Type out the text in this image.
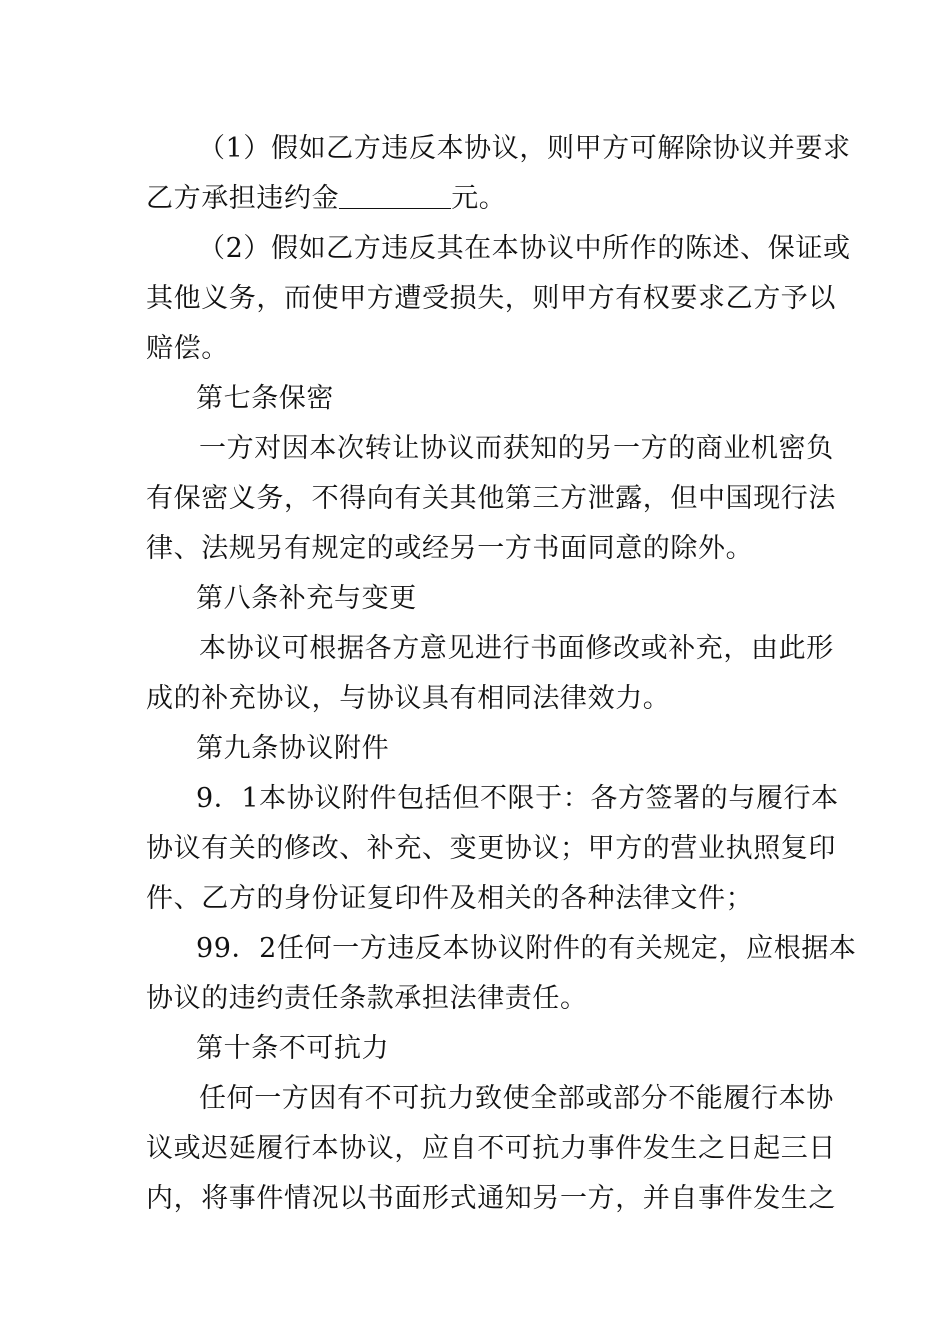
（1）假如乙方违反本协议，则甲方可解除协议并要求
乙方承担违约金	元。
（2）假如乙方违反其在本协议中所作的陈述、保证或
其他义务，而使甲方遭受损失，则甲方有权要求乙方予以
赔偿。
第七条保密
一方对因本次转让协议而获知的另一方的商业机密负
有保密义务，不得向有关其他第三方泄露，但中国现行法
律、法规另有规定的或经另一方书面同意的除外。
第八条补充与变更
本协议可根据各方意见进行书面修改或补充，由此形
成的补充协议，与协议具有相同法律效力。
第九条协议附件
9．1本协议附件包括但不限于：各方签署的与履行本
协议有关的修改、补充、变更协议；甲方的营业执照复印
件、乙方的身份证复印件及相关的各种法律文件；
99．2任何一方违反本协议附件的有关规定，应根据本
协议的违约责任条款承担法律责任。
第十条不可抗力
任何一方因有不可抗力致使全部或部分不能履行本协
议或迟延履行本协议，应自不可抗力事件发生之日起三日
内，将事件情况以书面形式通知另一方，并自事件发生之
